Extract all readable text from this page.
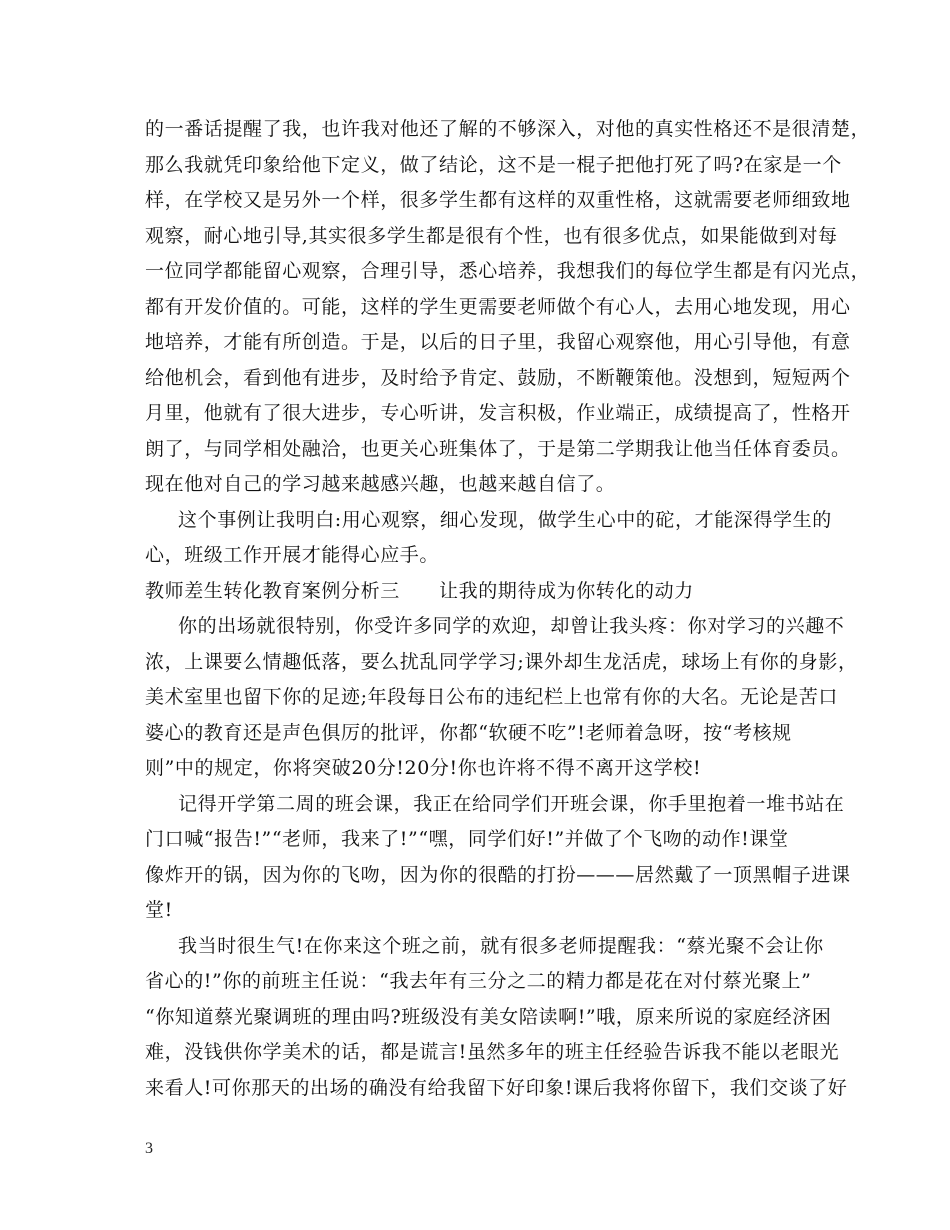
的一番话提醒了我，也许我对他还了解的不够深入，对他的真实性格还不是很清楚，
那么我就凭印象给他下定义，做了结论，这不是一棍子把他打死了吗?在家是一个
样，在学校又是另外一个样，很多学生都有这样的双重性格，这就需要老师细致地
观察，耐心地引导,其实很多学生都是很有个性，也有很多优点，如果能做到对每
一位同学都能留心观察，合理引导，悉心培养，我想我们的每位学生都是有闪光点，
都有开发价值的。可能，这样的学生更需要老师做个有心人，去用心地发现，用心
地培养，才能有所创造。于是，以后的日子里，我留心观察他，用心引导他，有意
给他机会，看到他有进步，及时给予肯定、鼓励，不断鞭策他。没想到，短短两个
月里，他就有了很大进步，专心听讲，发言积极，作业端正，成绩提高了，性格开
朗了，与同学相处融洽，也更关心班集体了，于是第二学期我让他当任体育委员。
现在他对自己的学习越来越感兴趣，也越来越自信了。
这个事例让我明白:用心观察，细心发现，做学生心中的砣，才能深得学生的
心，班级工作开展才能得心应手。
教师差生转化教育案例分析三　　让我的期待成为你转化的动力
你的出场就很特别，你受许多同学的欢迎，却曾让我头疼：你对学习的兴趣不
浓，上课要么情趣低落，要么扰乱同学学习;课外却生龙活虎，球场上有你的身影，
美术室里也留下你的足迹;年段每日公布的违纪栏上也常有你的大名。无论是苦口
婆心的教育还是声色俱厉的批评，你都“软硬不吃”!老师着急呀，按“考核规
则”中的规定，你将突破20分!20分!你也许将不得不离开这学校!
记得开学第二周的班会课，我正在给同学们开班会课，你手里抱着一堆书站在
门口喊“报告!”“老师，我来了!”“嘿，同学们好!”并做了个飞吻的动作!课堂
像炸开的锅，因为你的飞吻，因为你的很酷的打扮———居然戴了一顶黑帽子进课
堂!
我当时很生气!在你来这个班之前，就有很多老师提醒我：“蔡光聚不会让你
省心的!”你的前班主任说：“我去年有三分之二的精力都是花在对付蔡光聚上”
“你知道蔡光聚调班的理由吗?班级没有美女陪读啊!”哦，原来所说的家庭经济困
难，没钱供你学美术的话，都是谎言!虽然多年的班主任经验告诉我不能以老眼光
来看人!可你那天的出场的确没有给我留下好印象!课后我将你留下，我们交谈了好
3
